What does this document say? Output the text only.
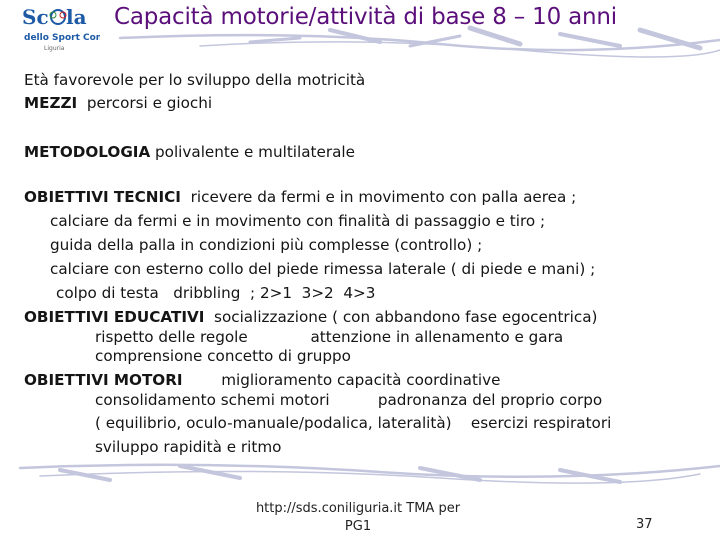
Sc la
dello Sport Coni
Liguria
Capacità motorie/attività di base 8 – 10 anni
Età favorevole per lo sviluppo della motricità
MEZZI  percorsi e giochi
METODOLOGIA polivalente e multilaterale
OBIETTIVI TECNICI  ricevere da fermi e in movimento con palla aerea ;
calciare da fermi e in movimento con finalità di passaggio e tiro ;
guida della palla in condizioni più complesse (controllo) ;
calciare con esterno collo del piede rimessa laterale ( di piede e mani) ;
colpo di testa   dribbling  ; 2>1  3>2  4>3
OBIETTIVI EDUCATIVI  socializzazione ( con abbandono fase egocentrica)
rispetto delle regole             attenzione in allenamento e gara
comprensione concetto di gruppo
OBIETTIVI MOTORI        miglioramento capacità coordinative
consolidamento schemi motori          padronanza del proprio corpo
( equilibrio, oculo-manuale/podalica, lateralità)    esercizi respiratori
sviluppo rapidità e ritmo
http://sds.coniliguria.it TMA per
PG1	37
